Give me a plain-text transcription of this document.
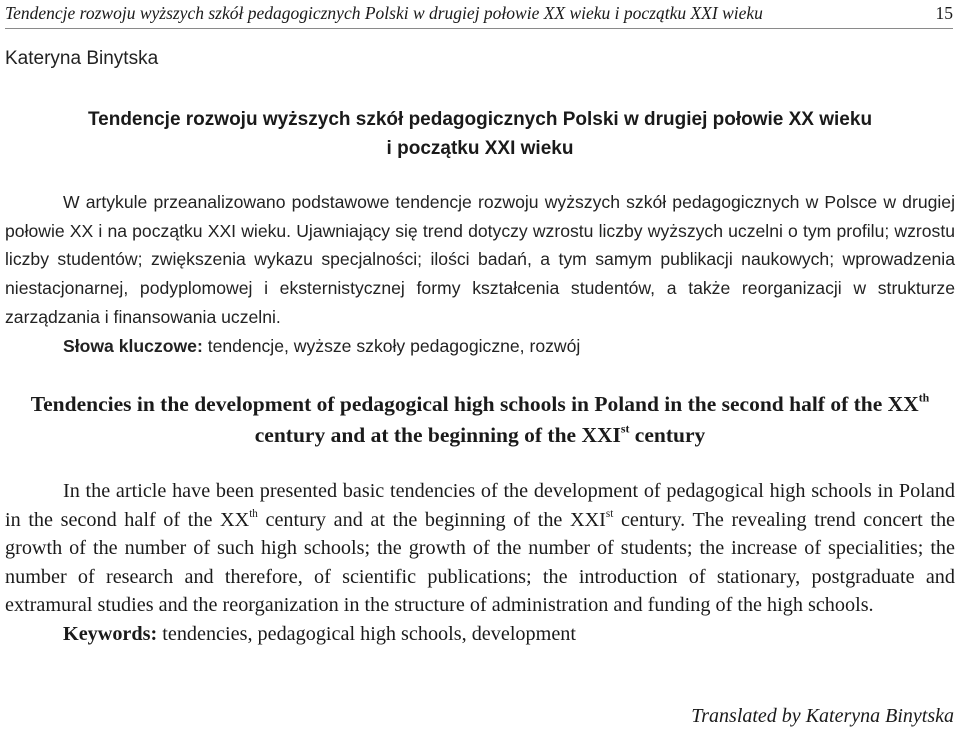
Tendencje rozwoju wyższych szkół pedagogicznych Polski w drugiej połowie XX wieku i początku XXI wieku	15
Kateryna Binytska
Tendencje rozwoju wyższych szkół pedagogicznych Polski w drugiej połowie XX wieku
i początku XXI wieku

W artykule przeanalizowano podstawowe tendencje rozwoju wyższych szkół pedagogicznych w Polsce w drugiej połowie XX i na początku XXI wieku. Ujawniający się trend dotyczy wzrostu liczby wyższych uczelni o tym profilu; wzrostu liczby studentów; zwiększenia wykazu specjalności; ilości badań, a tym samym publikacji naukowych; wprowadzenia niestacjonarnej, podyplomowej i eksternistycznej formy kształcenia studentów, a także reorganizacji w strukturze zarządzania i finansowania uczelni.

Słowa kluczowe: tendencje, wyższe szkoły pedagogiczne, rozwój

Tendencies in the development of pedagogical high schools in Poland in the second half of the XXth century and at the beginning of the XXIst century

In the article have been presented basic tendencies of the development of pedagogical high schools in Poland in the second half of the XXth century and at the beginning of the XXIst century. The revealing trend concert the growth of the number of such high schools; the growth of the number of students; the increase of specialities; the number of research and therefore, of scientific publications; the introduction of stationary, postgraduate and extramural studies and the reorganization in the structure of administration and funding of the high schools.

Keywords: tendencies, pedagogical high schools, development

Translated by Kateryna Binytska
